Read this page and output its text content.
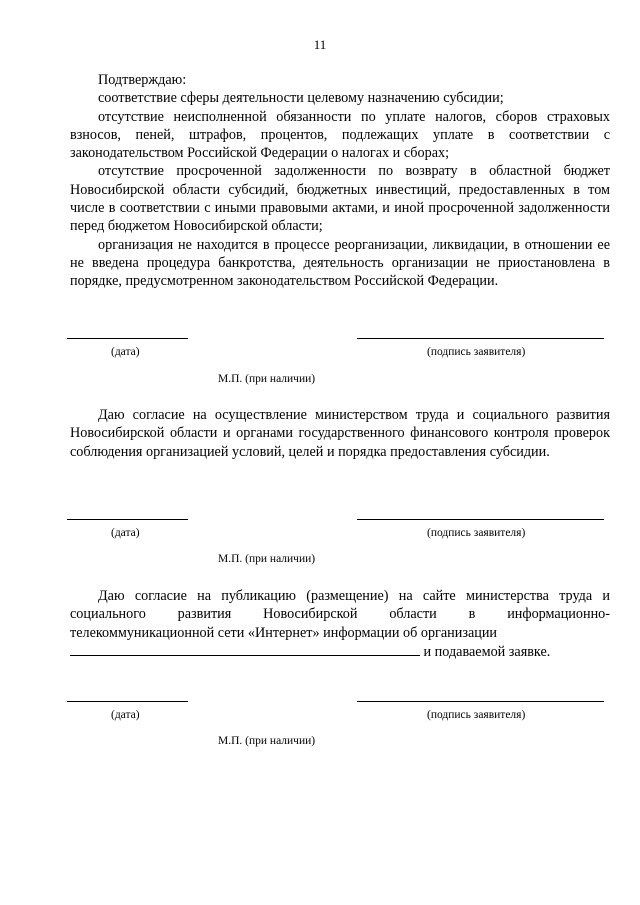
11

Подтверждаю:

соответствие сферы деятельности целевому назначению субсидии;

отсутствие неисполненной обязанности по уплате налогов, сборов страховых взносов, пеней, штрафов, процентов, подлежащих уплате в соответствии с законодательством Российской Федерации о налогах и сборах;

отсутствие просроченной задолженности по возврату в областной бюджет Новосибирской области субсидий, бюджетных инвестиций, предоставленных в том числе в соответствии с иными правовыми актами, и иной просроченной задолженности перед бюджетом Новосибирской области;

организация не находится в процессе реорганизации, ликвидации, в отношении ее не введена процедура банкротства, деятельность организации не приостановлена в порядке, предусмотренном законодательством Российской Федерации.

(дата)	(подпись заявителя)
М.П. (при наличии)

Даю согласие на осуществление министерством труда и социального развития Новосибирской области и органами государственного финансового контроля проверок соблюдения организацией условий, целей и порядка предоставления субсидии.

(дата)	(подпись заявителя)
М.П. (при наличии)

Даю согласие на публикацию (размещение) на сайте министерства труда и социального развития Новосибирской области в информационно-телекоммуникационной сети «Интернет» информации об организации

и подаваемой заявке.
(дата)	(подпись заявителя)
М.П. (при наличии)
